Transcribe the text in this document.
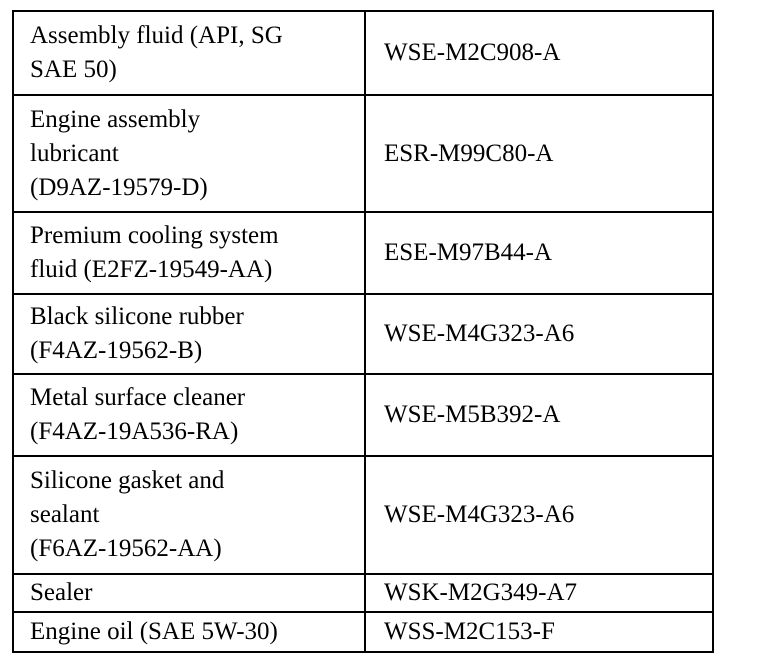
Assembly fluid (API, SG
SAE 50)	WSE-M2C908-A
Engine assembly
lubricant
(D9AZ-19579-D)	ESR-M99C80-A
Premium cooling system
fluid (E2FZ-19549-AA)	ESE-M97B44-A
Black silicone rubber
(F4AZ-19562-B)	WSE-M4G323-A6
Metal surface cleaner
(F4AZ-19A536-RA)	WSE-M5B392-A
Silicone gasket and
sealant
(F6AZ-19562-AA)	WSE-M4G323-A6
Sealer	WSK-M2G349-A7
Engine oil (SAE 5W-30)	WSS-M2C153-F
